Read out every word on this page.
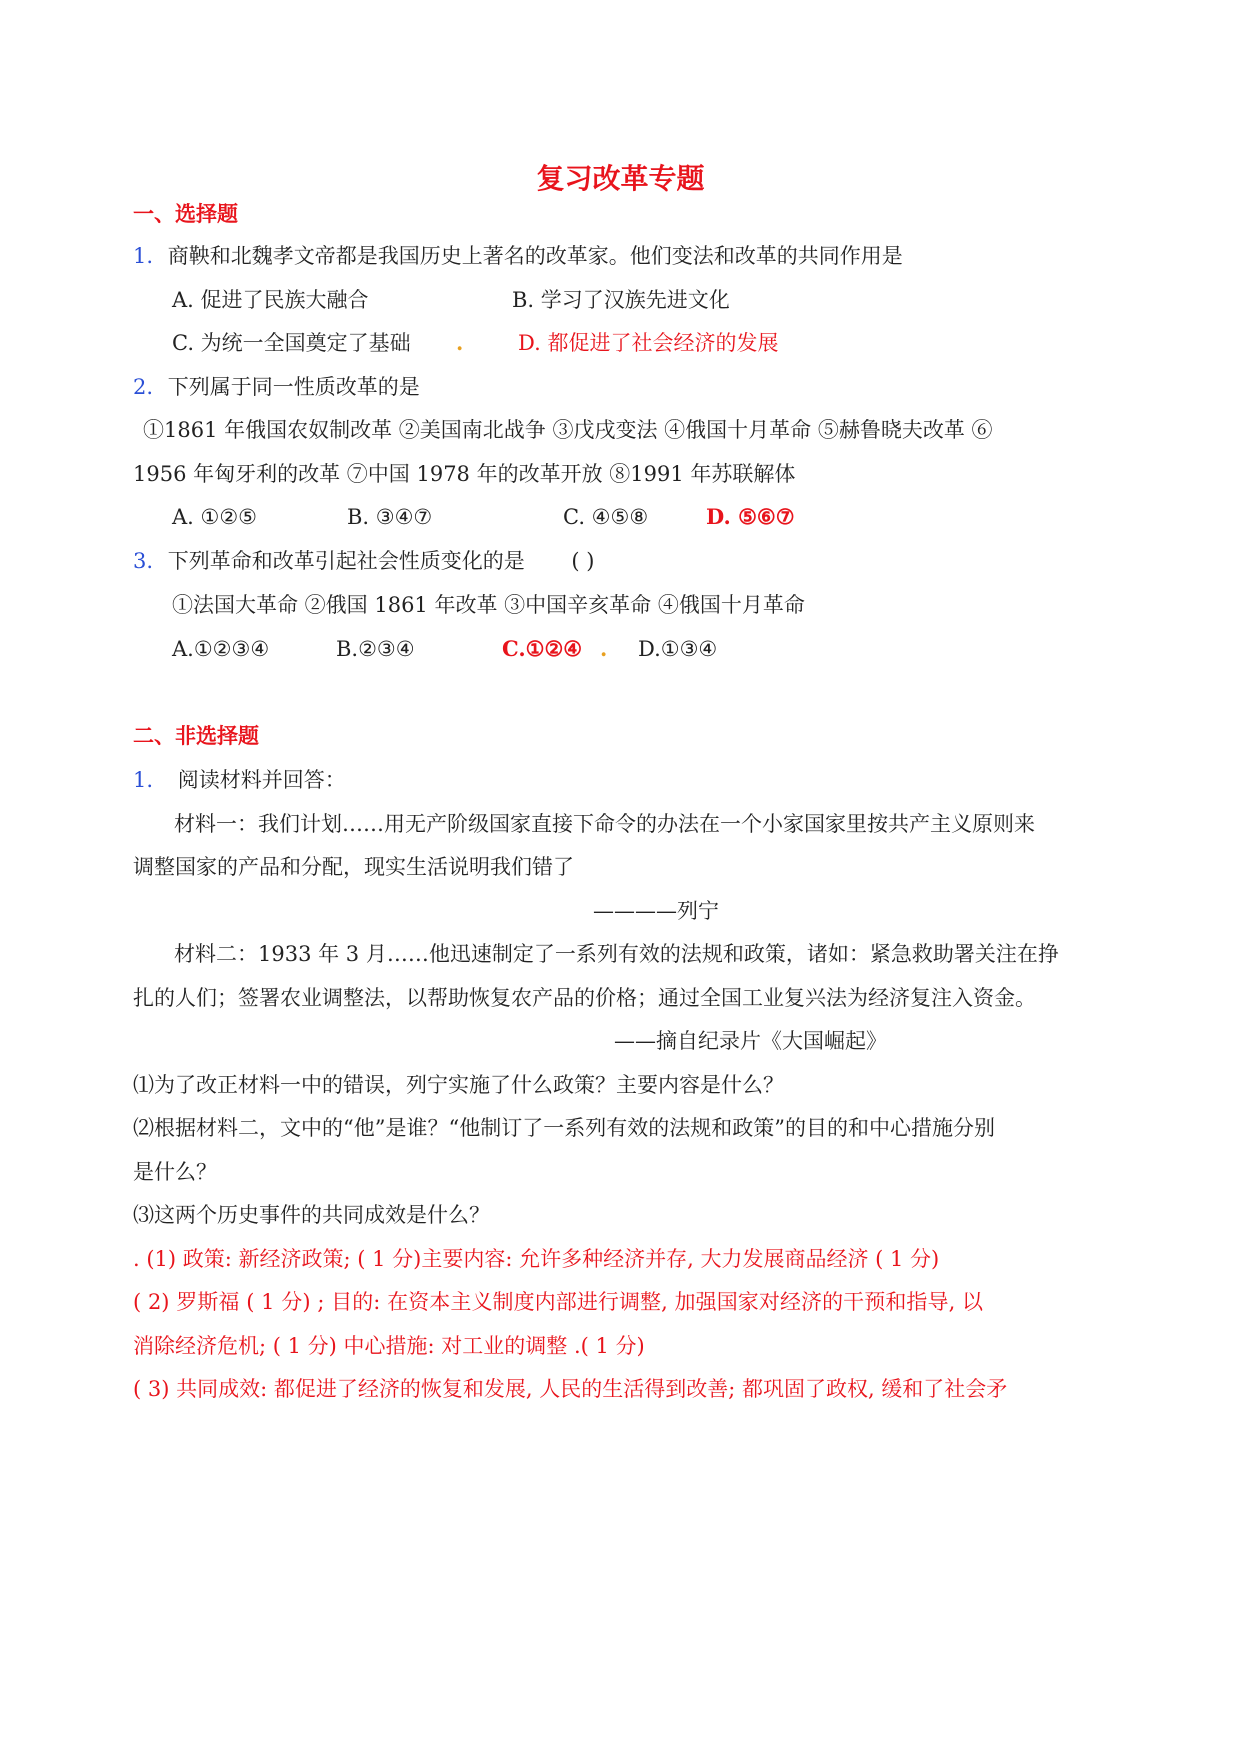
复习改革专题
一、选择题
1. 商鞅和北魏孝文帝都是我国历史上著名的改革家。他们变法和改革的共同作用是
A. 促进了民族大融合	B. 学习了汉族先进文化
C. 为统一全国奠定了基础 .	D. 都促进了社会经济的发展
2. 下列属于同一性质改革的是
①1861 年俄国农奴制改革 ②美国南北战争 ③戊戌变法 ④俄国十月革命 ⑤赫鲁晓夫改革 ⑥
1956 年匈牙利的改革 ⑦中国 1978 年的改革开放 ⑧1991 年苏联解体
A. ①②⑤	B. ③④⑦	C. ④⑤⑧	D. ⑤⑥⑦
3. 下列革命和改革引起社会性质变化的是 ( )
①法国大革命 ②俄国 1861 年改革 ③中国辛亥革命 ④俄国十月革命
A.①②③④	B.②③④	C.①②④ . D.①③④
二、非选择题
1. 阅读材料并回答：
材料一：我们计划……用无产阶级国家直接下命令的办法在一个小家国家里按共产主义原则来
调整国家的产品和分配，现实生活说明我们错了
————列宁
材料二：1933 年 3 月……他迅速制定了一系列有效的法规和政策，诸如：紧急救助署关注在挣
扎的人们；签署农业调整法，以帮助恢复农产品的价格；通过全国工业复兴法为经济复注入资金。
——摘自纪录片《大国崛起》
⑴为了改正材料一中的错误，列宁实施了什么政策？主要内容是什么？
⑵根据材料二，文中的“他”是谁？“他制订了一系列有效的法规和政策”的目的和中心措施分别
是什么？
⑶这两个历史事件的共同成效是什么？
. (1) 政策: 新经济政策; ( 1 分)主要内容: 允许多种经济并存, 大力发展商品经济 ( 1 分)
( 2) 罗斯福 ( 1 分) ; 目的: 在资本主义制度内部进行调整, 加强国家对经济的干预和指导, 以
消除经济危机; ( 1 分) 中心措施: 对工业的调整 .( 1 分)
( 3) 共同成效: 都促进了经济的恢复和发展, 人民的生活得到改善; 都巩固了政权, 缓和了社会矛
